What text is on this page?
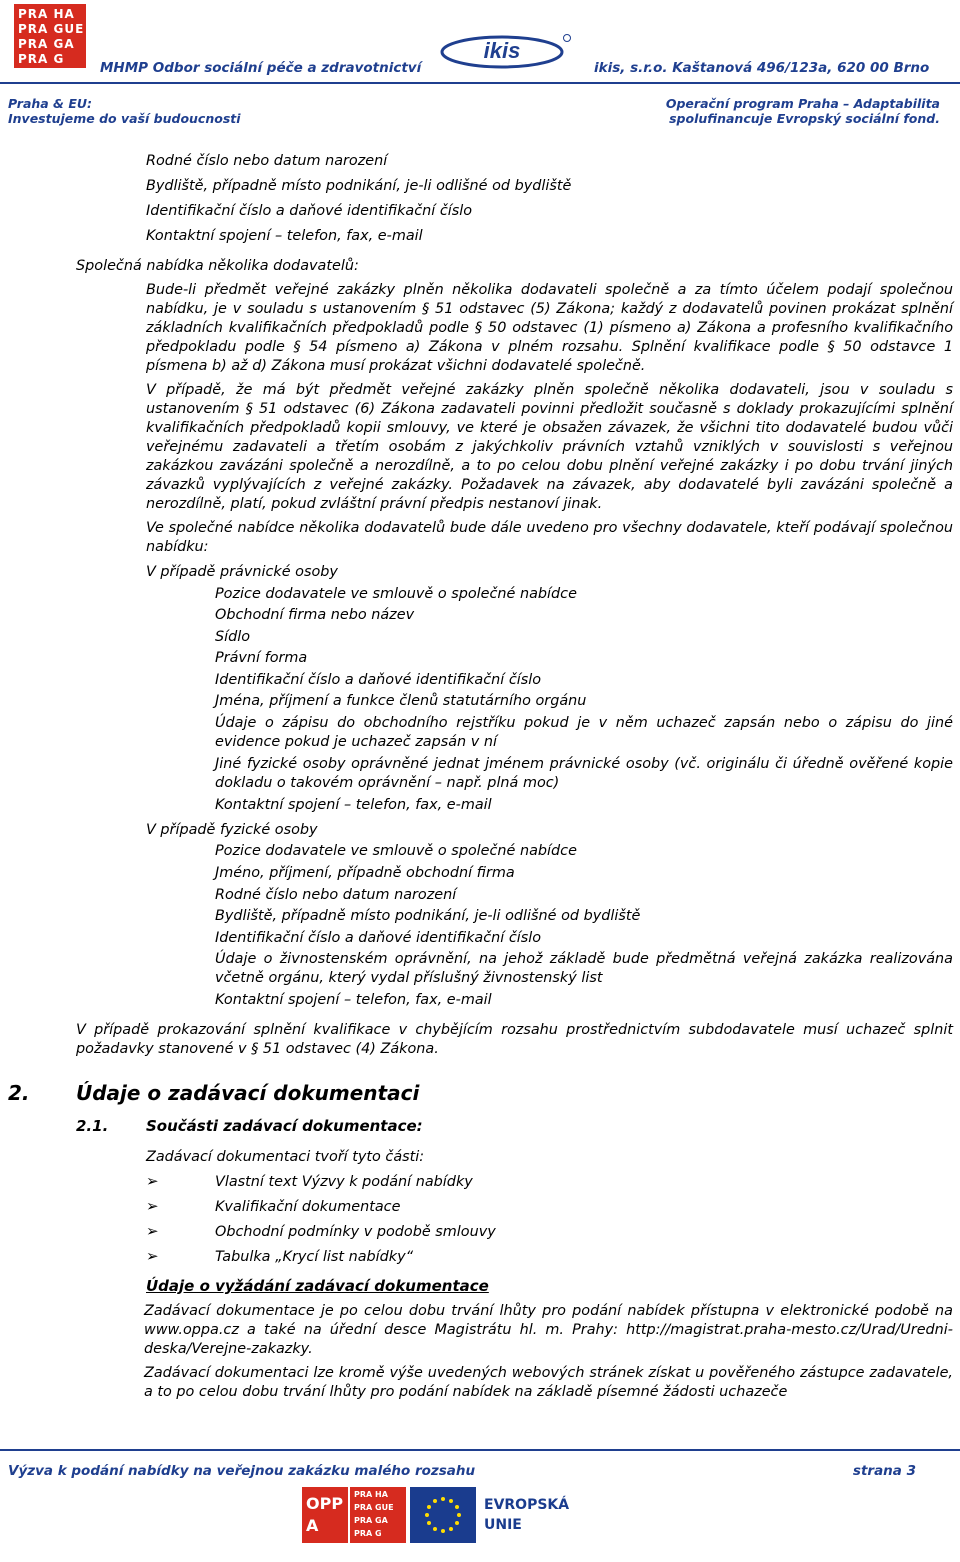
PRA HA
PRA GUE
PRA GA
PRA G
MHMP Odbor sociální péče a zdravotnictví
ikis
ikis, s.r.o. Kaštanová 496/123a, 620 00 Brno
Praha & EU:
Investujeme do vaší budoucnosti
Operační program Praha – Adaptabilita
spolufinancuje Evropský sociální fond.
Rodné číslo nebo datum narození
Bydliště, případně místo podnikání, je-li odlišné od bydliště
Identifikační číslo a daňové identifikační číslo
Kontaktní spojení – telefon, fax, e-mail
Společná nabídka několika dodavatelů:
Bude-li předmět veřejné zakázky plněn několika dodavateli společně a za tímto účelem podají společnou nabídku, je v souladu s ustanovením § 51 odstavec (5) Zákona; každý z dodavatelů povinen prokázat splnění základních kvalifikačních předpokladů podle § 50 odstavec (1) písmeno a) Zákona a profesního kvalifikačního předpokladu podle § 54 písmeno a) Zákona v plném rozsahu. Splnění kvalifikace podle § 50 odstavce 1 písmena b) až d) Zákona musí prokázat všichni dodavatelé společně.
V případě, že má být předmět veřejné zakázky plněn společně několika dodavateli, jsou v souladu s ustanovením § 51 odstavec (6) Zákona zadavateli povinni předložit současně s doklady prokazujícími splnění kvalifikačních předpokladů kopii smlouvy, ve které je obsažen závazek, že všichni tito dodavatelé budou vůči veřejnému zadavateli a třetím osobám z jakýchkoliv právních vztahů vzniklých v souvislosti s veřejnou zakázkou zavázáni společně a nerozdílně, a to po celou dobu plnění veřejné zakázky i po dobu trvání jiných závazků vyplývajících z veřejné zakázky. Požadavek na závazek, aby dodavatelé byli zavázáni společně a nerozdílně, platí, pokud zvláštní právní předpis nestanoví jinak.
Ve společné nabídce několika dodavatelů bude dále uvedeno pro všechny dodavatele, kteří podávají společnou nabídku:
V případě právnické osoby
Pozice dodavatele ve smlouvě o společné nabídce
Obchodní firma nebo název
Sídlo
Právní forma
Identifikační číslo a daňové identifikační číslo
Jména, příjmení a funkce členů statutárního orgánu
Údaje o zápisu do obchodního rejstříku pokud je v něm uchazeč zapsán nebo o zápisu do jiné evidence pokud je uchazeč zapsán v ní
Jiné fyzické osoby oprávněné jednat jménem právnické osoby (vč. originálu či úředně ověřené kopie dokladu o takovém oprávnění – např. plná moc)
Kontaktní spojení – telefon, fax, e-mail
V případě fyzické osoby
Pozice dodavatele ve smlouvě o společné nabídce
Jméno, příjmení, případně obchodní firma
Rodné číslo nebo datum narození
Bydliště, případně místo podnikání, je-li odlišné od bydliště
Identifikační číslo a daňové identifikační číslo
Údaje o živnostenském oprávnění, na jehož základě bude předmětná veřejná zakázka realizována včetně orgánu, který vydal příslušný živnostenský list
Kontaktní spojení – telefon, fax, e-mail
V případě prokazování splnění kvalifikace v chybějícím rozsahu prostřednictvím subdodavatele musí uchazeč splnit požadavky stanovené v § 51 odstavec (4) Zákona.
2. Údaje o zadávací dokumentaci
2.1.	Součásti zadávací dokumentace:
Zadávací dokumentaci tvoří tyto části:
➢	Vlastní text Výzvy k podání nabídky
➢	Kvalifikační dokumentace
➢	Obchodní podmínky v podobě smlouvy
➢	Tabulka „Krycí list nabídky“
Údaje o vyžádání zadávací dokumentace
Zadávací dokumentace je po celou dobu trvání lhůty pro podání nabídek přístupna v elektronické podobě na www.oppa.cz a také na úřední desce Magistrátu hl. m. Prahy: http://magistrat.praha-mesto.cz/Urad/Uredni-deska/Verejne-zakazky.
Zadávací dokumentaci lze kromě výše uvedených webových stránek získat u pověřeného zástupce zadavatele, a to po celou dobu trvání lhůty pro podání nabídek na základě písemné žádosti uchazeče
Výzva k podání nabídky na veřejnou zakázku malého rozsahu	strana 3
OPP A
PRA HA
PRA GUE
PRA GA
PRA G
EVROPSKÁ
UNIE
